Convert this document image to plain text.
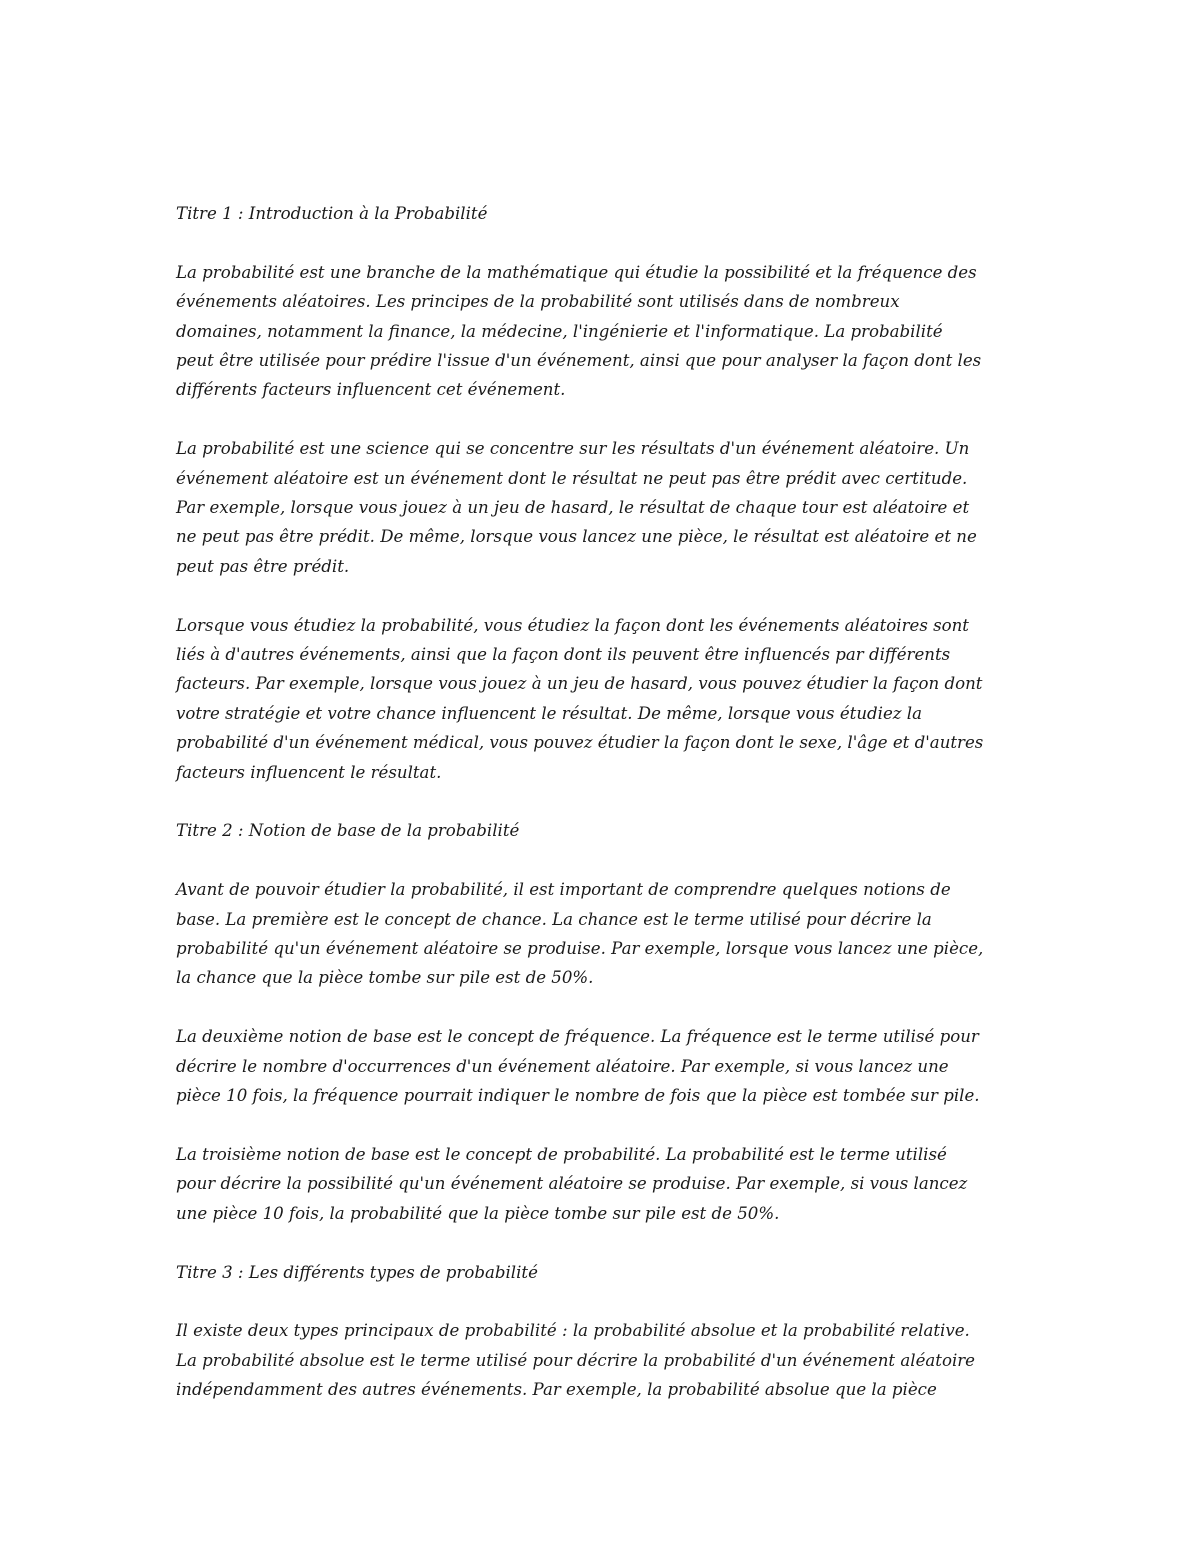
Titre 1 : Introduction à la Probabilité

La probabilité est une branche de la mathématique qui étudie la possibilité et la fréquence des
événements aléatoires. Les principes de la probabilité sont utilisés dans de nombreux
domaines, notamment la finance, la médecine, l'ingénierie et l'informatique. La probabilité
peut être utilisée pour prédire l'issue d'un événement, ainsi que pour analyser la façon dont les
différents facteurs influencent cet événement.

La probabilité est une science qui se concentre sur les résultats d'un événement aléatoire. Un
événement aléatoire est un événement dont le résultat ne peut pas être prédit avec certitude.
Par exemple, lorsque vous jouez à un jeu de hasard, le résultat de chaque tour est aléatoire et
ne peut pas être prédit. De même, lorsque vous lancez une pièce, le résultat est aléatoire et ne
peut pas être prédit.

Lorsque vous étudiez la probabilité, vous étudiez la façon dont les événements aléatoires sont
liés à d'autres événements, ainsi que la façon dont ils peuvent être influencés par différents
facteurs. Par exemple, lorsque vous jouez à un jeu de hasard, vous pouvez étudier la façon dont
votre stratégie et votre chance influencent le résultat. De même, lorsque vous étudiez la
probabilité d'un événement médical, vous pouvez étudier la façon dont le sexe, l'âge et d'autres
facteurs influencent le résultat.

Titre 2 : Notion de base de la probabilité

Avant de pouvoir étudier la probabilité, il est important de comprendre quelques notions de
base. La première est le concept de chance. La chance est le terme utilisé pour décrire la
probabilité qu'un événement aléatoire se produise. Par exemple, lorsque vous lancez une pièce,
la chance que la pièce tombe sur pile est de 50%.

La deuxième notion de base est le concept de fréquence. La fréquence est le terme utilisé pour
décrire le nombre d'occurrences d'un événement aléatoire. Par exemple, si vous lancez une
pièce 10 fois, la fréquence pourrait indiquer le nombre de fois que la pièce est tombée sur pile.

La troisième notion de base est le concept de probabilité. La probabilité est le terme utilisé
pour décrire la possibilité qu'un événement aléatoire se produise. Par exemple, si vous lancez
une pièce 10 fois, la probabilité que la pièce tombe sur pile est de 50%.

Titre 3 : Les différents types de probabilité

Il existe deux types principaux de probabilité : la probabilité absolue et la probabilité relative.
La probabilité absolue est le terme utilisé pour décrire la probabilité d'un événement aléatoire
indépendamment des autres événements. Par exemple, la probabilité absolue que la pièce
